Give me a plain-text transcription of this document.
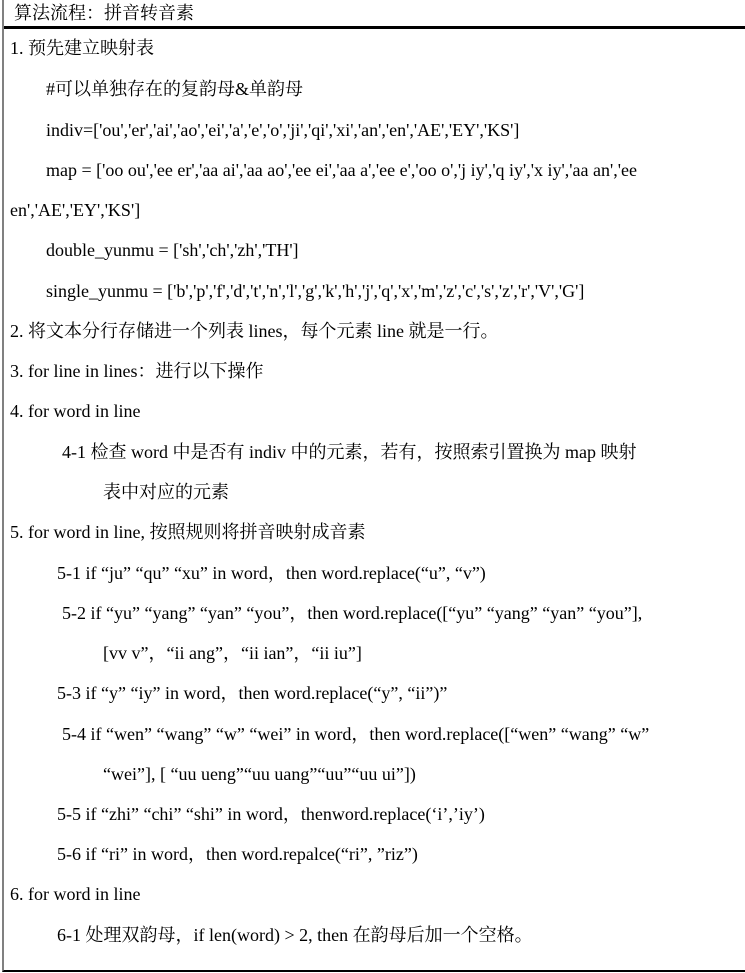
算法流程：拼音转音素
1. 预先建立映射表
#可以单独存在的复韵母&单韵母
indiv=['ou','er','ai','ao','ei','a','e','o','ji','qi','xi','an','en','AE','EY','KS']
map = ['oo ou','ee er','aa ai','aa ao','ee ei','aa a','ee e','oo o','j iy','q iy','x iy','aa an','ee
en','AE','EY','KS']
double_yunmu = ['sh','ch','zh','TH']
single_yunmu = ['b','p','f','d','t','n','l','g','k','h','j','q','x','m','z','c','s','z','r','V','G']
2. 将文本分行存储进一个列表 lines，每个元素 line 就是一行。
3. for line in lines：进行以下操作
4. for word in line
4-1 检查 word 中是否有 indiv 中的元素，若有，按照索引置换为 map 映射
表中对应的元素
5. for word in line, 按照规则将拼音映射成音素
5-1 if “ju” “qu” “xu” in word，then word.replace(“u”, “v”)
5-2 if “yu” “yang” “yan” “you”，then word.replace([“yu” “yang” “yan” “you”],
[vv v”，“ii ang”，“ii ian”，“ii iu”]
5-3 if “y” “iy” in word，then word.replace(“y”, “ii”)”
5-4 if “wen” “wang” “w” “wei” in word，then word.replace([“wen” “wang” “w”
“wei”], [ “uu ueng”“uu uang”“uu”“uu ui”])
5-5 if “zhi” “chi” “shi” in word，thenword.replace(‘i’,’iy’)
5-6 if “ri” in word，then word.repalce(“ri”, ”riz”)
6. for word in line
6-1 处理双韵母，if len(word) > 2, then 在韵母后加一个空格。
